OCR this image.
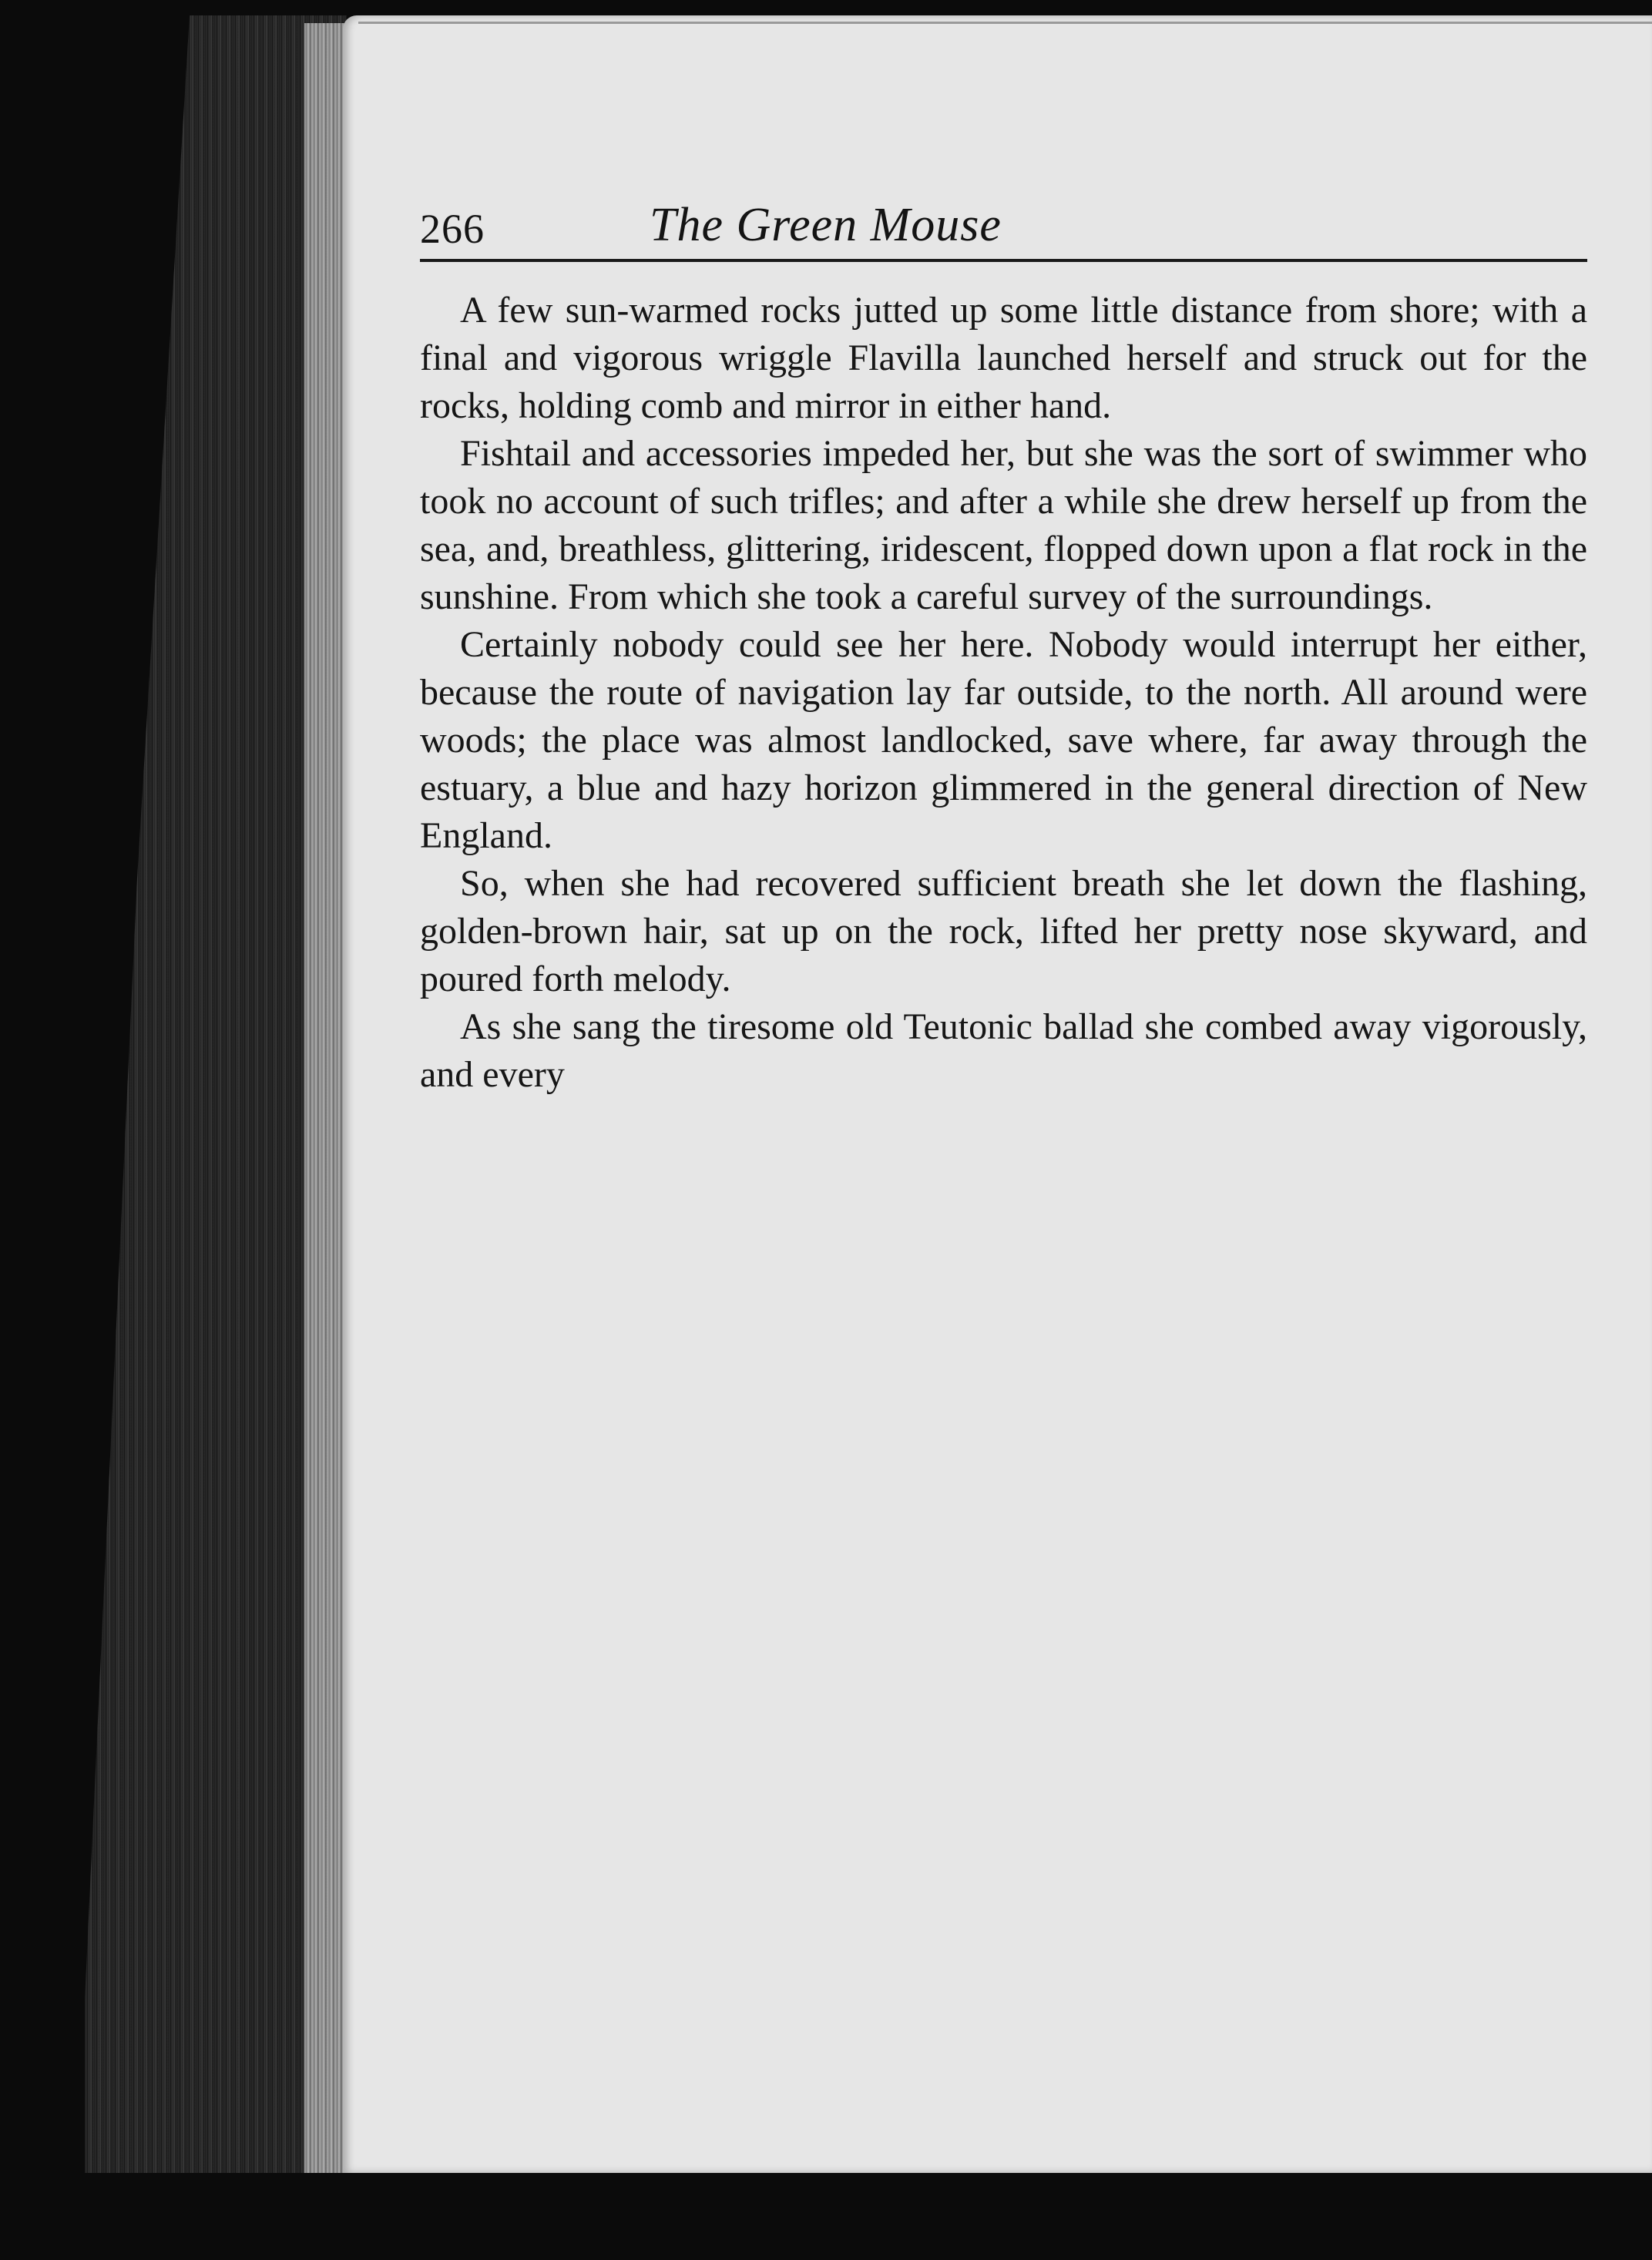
266	The Green Mouse

A few sun-warmed rocks jutted up some little distance from shore; with a final and vigorous wriggle Flavilla launched herself and struck out for the rocks, holding comb and mirror in either hand.

Fishtail and accessories impeded her, but she was the sort of swimmer who took no account of such trifles; and after a while she drew herself up from the sea, and, breathless, glittering, iridescent, flopped down upon a flat rock in the sunshine. From which she took a careful survey of the surroundings.

Certainly nobody could see her here. Nobody would interrupt her either, because the route of navigation lay far outside, to the north. All around were woods; the place was almost landlocked, save where, far away through the estuary, a blue and hazy horizon glimmered in the general direction of New England.

So, when she had recovered sufficient breath she let down the flashing, golden-brown hair, sat up on the rock, lifted her pretty nose skyward, and poured forth melody.

As she sang the tiresome old Teutonic ballad she combed away vigorously, and every
